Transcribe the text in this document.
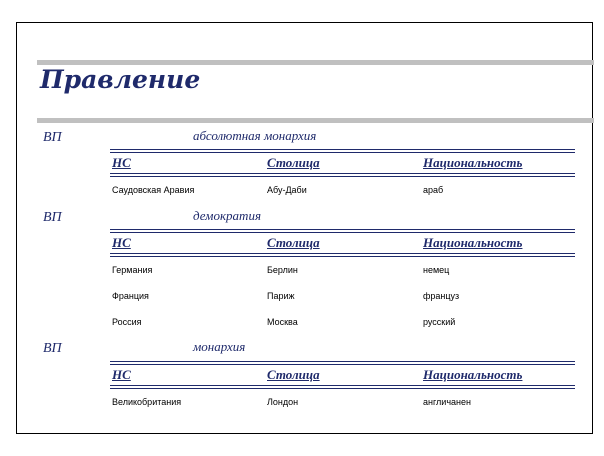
Правление
ВП	абсолютная монархия
НС	Столица	Национальность
Саудовская Аравия	Абу-Даби	араб
ВП	демократия
НС	Столица	Национальность
Германия	Берлин	немец
Франция	Париж	француз
Россия	Москва	русский
ВП	монархия
НС	Столица	Национальность
Великобритания	Лондон	англичанен
